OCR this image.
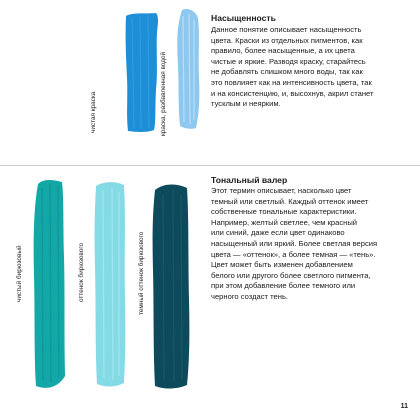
чистая краска	краска, разбавленная водой
Насыщенность

Данное понятие описывает насыщенность
цвета. Краски из отдельных пигментов, как
правило, более насыщенные, а их цвета
чистые и яркие. Разводя краску, старайтесь
не добавлять слишком много воды, так как
это повлияет как на интенсивность цвета, так
и на консистенцию, и, высохнув, акрил станет
тусклым и неярким.

чистый бирюзовый	оттенок бирюзового	темный оттенок бирюзового
Тональный валер

Этот термин описывает, насколько цвет
темный или светлый. Каждый оттенок имеет
собственные тональные характеристики.
Например, желтый светлее, чем красный
или синий, даже если цвет одинаково
насыщенный или яркий. Более светлая версия
цвета — «оттенок», а более темная — «тень».
Цвет может быть изменен добавлением
белого или другого более светлого пигмента,
при этом добавление более темного или
черного создаст тень.

11
